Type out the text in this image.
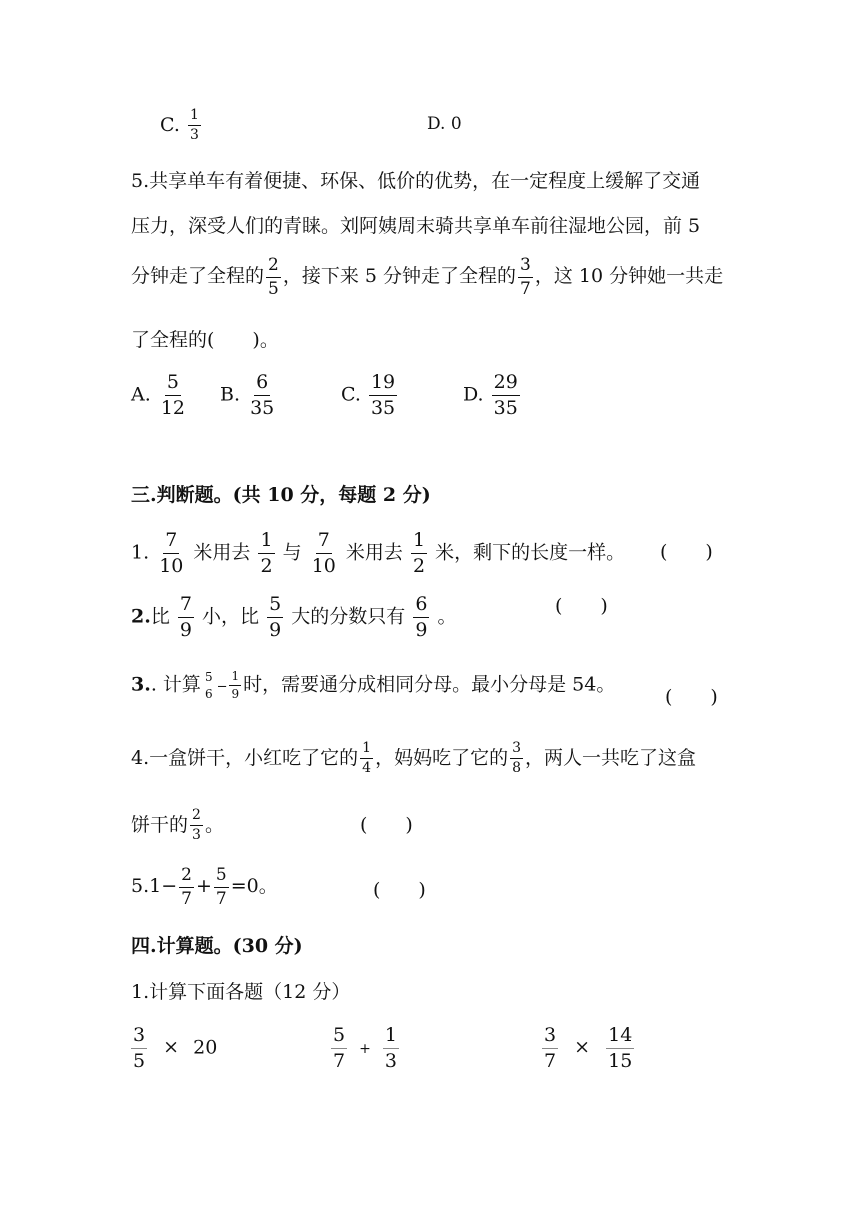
C. $\frac{1}{3}$	D. 0
5.共享单车有着便捷、环保、低价的优势，在一定程度上缓解了交通
压力，深受人们的青睐。刘阿姨周末骑共享单车前往湿地公园，前 5
分钟走了全程的 $\frac{2}{5}$ ，接下来 5 分钟走了全程的 $\frac{3}{7}$ ，这 10 分钟她一共走
了全程的(　　)。
A. $\frac{5}{12} B$. $\frac{6}{35}$	C. $\frac{19}{35}$	D. $\frac{29}{35}$
三.判断题。(共 10 分，每题 2 分)
1. $\frac{7}{10}$ 米用去 $\frac{1}{2}$ 与 $\frac{7}{10}$ 米用去 $\frac{1}{2}$ 米，剩下的长度一样。 (　　)
2.比 $\frac{7}{9}$ 小，比 $\frac{5}{9}$ 大的分数只有 $\frac{6}{9}$ 。	(　　)
3.. 计算 5
$6 - \frac{1}{9}$ 时，需要通分成相同分母。最小分母是 54。
(　　)
4.一盒饼干，小红吃了它的 $\frac{1}{4}$ ，妈妈吃了它的 $\frac{3}{8}$ ，两人一共吃了这盒
饼干的 $\frac{2}{3}$ 。	(　　)
$5.1- \frac{2}{7} + \frac{5}{7} =0$。	(　　)
四.计算题。(30 分)
1.计算下面各题（12 分）
$\frac{3}{5} \times 20$	$\frac{5}{7} + \frac{1}{3}$	$\frac{3}{7} \times \frac{14}{15}$
